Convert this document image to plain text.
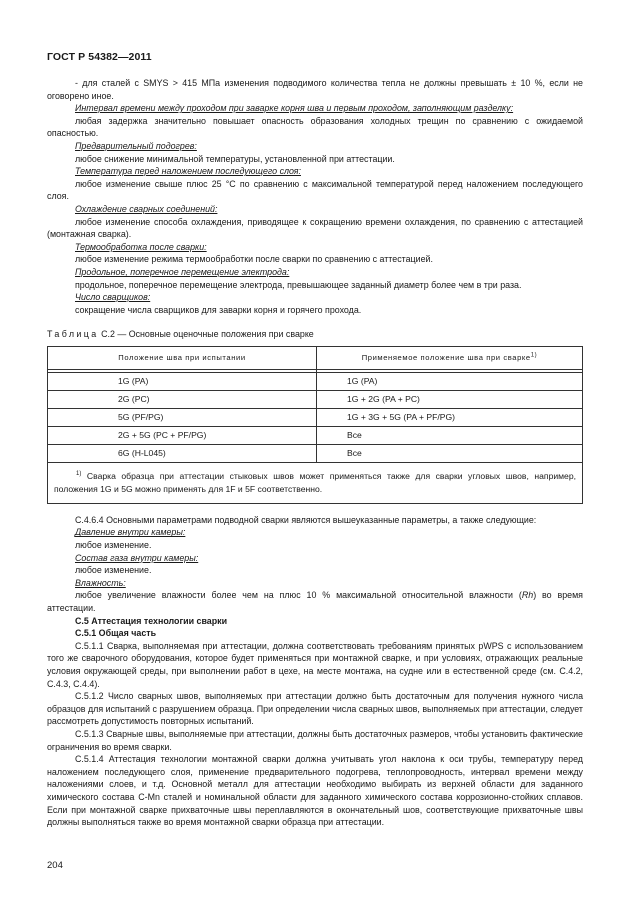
ГОСТ Р 54382—2011

- для сталей с SMYS > 415 МПа изменения подводимого количества тепла не должны превышать ± 10 %, если не оговорено иное.

Интервал времени между проходом при заварке корня шва и первым проходом, заполняющим разделку:

любая задержка значительно повышает опасность образования холодных трещин по сравнению с ожидаемой опасностью.

Предварительный подогрев:

любое снижение минимальной температуры, установленной при аттестации.

Температура перед наложением последующего слоя:

любое изменение свыше плюс 25 °С по сравнению с максимальной температурой перед наложением последующего слоя.

Охлаждение сварных соединений:

любое изменение способа охлаждения, приводящее к сокращению времени охлаждения, по сравнению с аттестацией (монтажная сварка).

Термообработка после сварки:

любое изменение режима термообработки после сварки по сравнению с аттестацией.

Продольное, поперечное перемещение электрода:

продольное, поперечное перемещение электрода, превышающее заданный диаметр более чем в три раза.

Число сварщиков:

сокращение числа сварщиков для заварки корня и горячего прохода.

Таблица С.2 — Основные оценочные положения при сварке
Положение шва при испытании	Применяемое положение шва при сварке$^{1)}$

1G (PA)	1G (PA)
2G (PC)	1G + 2G (PA + PC)
5G (PF/PG)	1G + 3G + 5G (PA + PF/PG)
2G + 5G (PC + PF/PG)	Все
6G (H-L045)	Все
$^{1)}$ Сварка образца при аттестации стыковых швов может применяться также для сварки угловых швов, например, положения 1G и 5G можно применять для 1F и 5F соответственно.	

С.4.6.4 Основными параметрами подводной сварки являются вышеуказанные параметры, а также следующие:

Давление внутри камеры:

любое изменение.

Состав газа внутри камеры:

любое изменение.

Влажность:

любое увеличение влажности более чем на плюс 10 % максимальной относительной влажности (Rh) во время аттестации.

С.5 Аттестация технологии сварки

С.5.1 Общая часть

С.5.1.1 Сварка, выполняемая при аттестации, должна соответствовать требованиям принятых pWPS с использованием того же сварочного оборудования, которое будет применяться при монтажной сварке, и при условиях, отражающих реальные условия окружающей среды, при выполнении работ в цехе, на месте монтажа, на судне или в естественной среде (см. С.4.2, С.4.3, С.4.4).

С.5.1.2 Число сварных швов, выполняемых при аттестации должно быть достаточным для получения нужного числа образцов для испытаний с разрушением образца. При определении числа сварных швов, выполняемых при аттестации, следует рассмотреть допустимость повторных испытаний.

С.5.1.3 Сварные швы, выполняемые при аттестации, должны быть достаточных размеров, чтобы установить фактические ограничения во время сварки.

С.5.1.4 Аттестация технологии монтажной сварки должна учитывать угол наклона к оси трубы, температуру перед наложением последующего слоя, применение предварительного подогрева, теплопроводность, интервал времени между наложениями слоев, и т.д. Основной металл для аттестации необходимо выбирать из верхней области для заданного химического состава С-Mn сталей и номинальной области для заданного химического состава коррозионно-стойких сплавов. Если при монтажной сварке прихваточные швы переплавляются в окончательный шов, соответствующие прихваточные швы должны выполняться также во время монтажной сварки образца при аттестации.

204
